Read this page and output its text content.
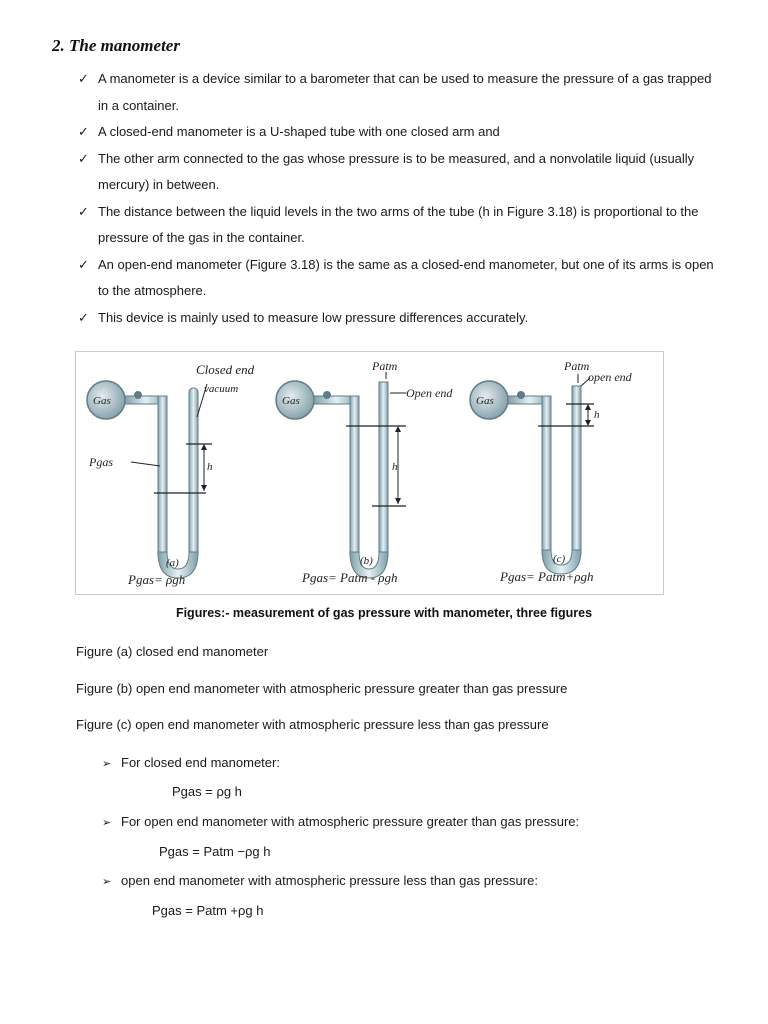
2. The manometer
✓ A manometer is a device similar to a barometer that can be used to measure the pressure of a gas trapped in a container.
✓ A closed-end manometer is a U-shaped tube with one closed arm and
✓ The other arm connected to the gas whose pressure is to be measured, and a nonvolatile liquid (usually mercury) in between.
✓ The distance between the liquid levels in the two arms of the tube (h in Figure 3.18) is proportional to the pressure of the gas in the container.
✓ An open-end manometer (Figure 3.18) is the same as a closed-end manometer, but one of its arms is open to the atmosphere.
✓ This device is mainly used to measure low pressure differences accurately.
Gas
h
Pgas
Closed end
vacuum
(a)
Pgas= ρgh
Gas
h
Patm
Open end
(b)
Pgas= Patm - ρgh
Gas
h
Patm
open end
(c)
Pgas= Patm+ρgh
Figures:- measurement of gas pressure with manometer, three figures
Figure (a) closed end manometer
Figure (b) open end manometer with atmospheric pressure greater than gas pressure
Figure (c) open end manometer with atmospheric pressure less than gas pressure
➢ For closed end manometer:
Pgas = ρg h
➢ For open end manometer with atmospheric pressure greater than gas pressure:
Pgas = Patm −ρg h
➢ open end manometer with atmospheric pressure less than gas pressure:
Pgas = Patm +ρg h
